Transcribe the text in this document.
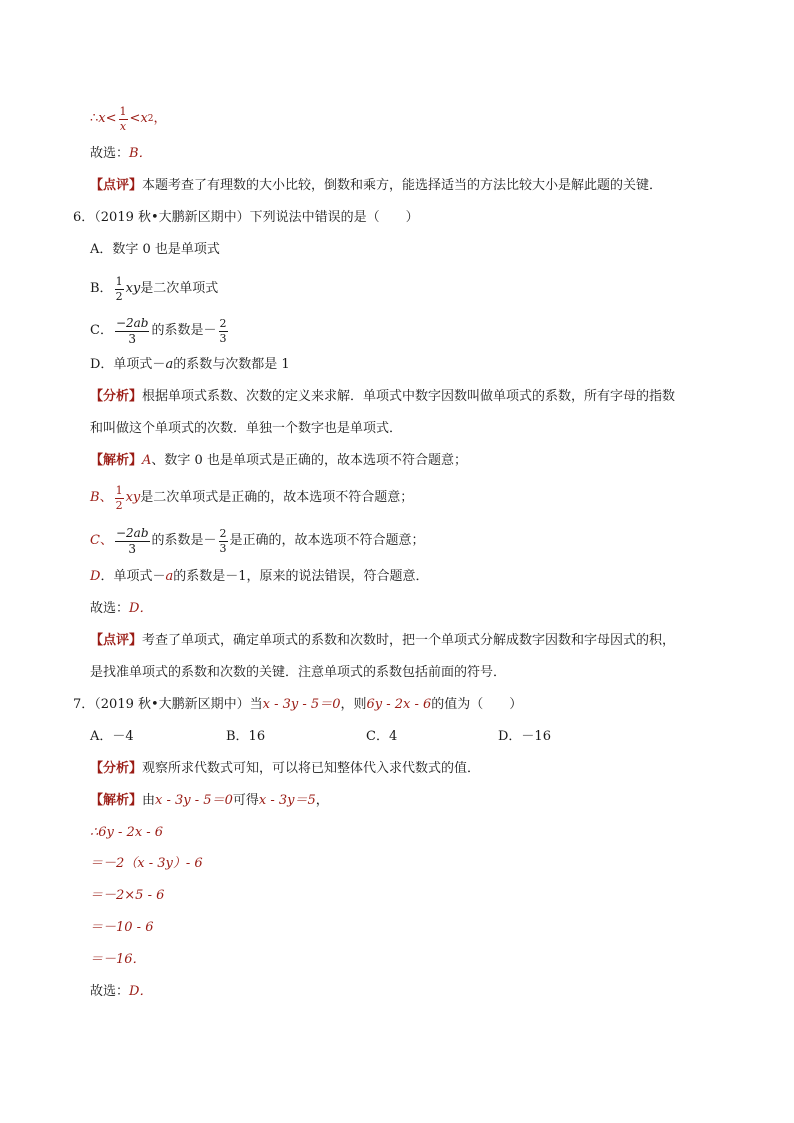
∴ $x < \frac{1}{x} < x$ 2 ，
故选： B．
【点评】 本题考查了有理数的大小比较，倒数和乘方，能选择适当的方法比较大小是解此题的关键．
6．（2019 秋•大鹏新区期中）下列说法中错误的是（　　）
A．数字 0 也是单项式
B． $\frac{1}{2}$ xy 是二次单项式
C． $\frac{-2ab}{3}$ 的系数是－ $\frac{2}{3}$
D．单项式－ a 的系数与次数都是 1
【分析】 根据单项式系数、次数的定义来求解．单项式中数字因数叫做单项式的系数，所有字母的指数
和叫做这个单项式的次数．单独一个数字也是单项式．
【解析】 A 、数字 0 也是单项式是正确的，故本选项不符合题意；
B 、 $\frac{1}{2}$ xy 是二次单项式是正确的，故本选项不符合题意；
C 、 $\frac{-2ab}{3}$ 的系数是－ $\frac{2}{3}$ 是正确的，故本选项不符合题意；
D ．单项式－ a 的系数是－1，原来的说法错误，符合题意．
故选： D．
【点评】 考查了单项式，确定单项式的系数和次数时，把一个单项式分解成数字因数和字母因式的积，
是找准单项式的系数和次数的关键．注意单项式的系数包括前面的符号．
7．（2019 秋•大鹏新区期中）当 x - 3y - 5＝0 ，则 6y - 2x - 6 的值为（　　）
A．－4	B．16	C．4	D．－16
【分析】 观察所求代数式可知，可以将已知整体代入求代数式的值．
【解析】 由 x - 3y - 5＝0 可得 x - 3y＝5 ，
∴6y - 2x - 6
＝－2（x - 3y）- 6
＝－2×5 - 6
＝－10 - 6
＝－16．
故选： D．
